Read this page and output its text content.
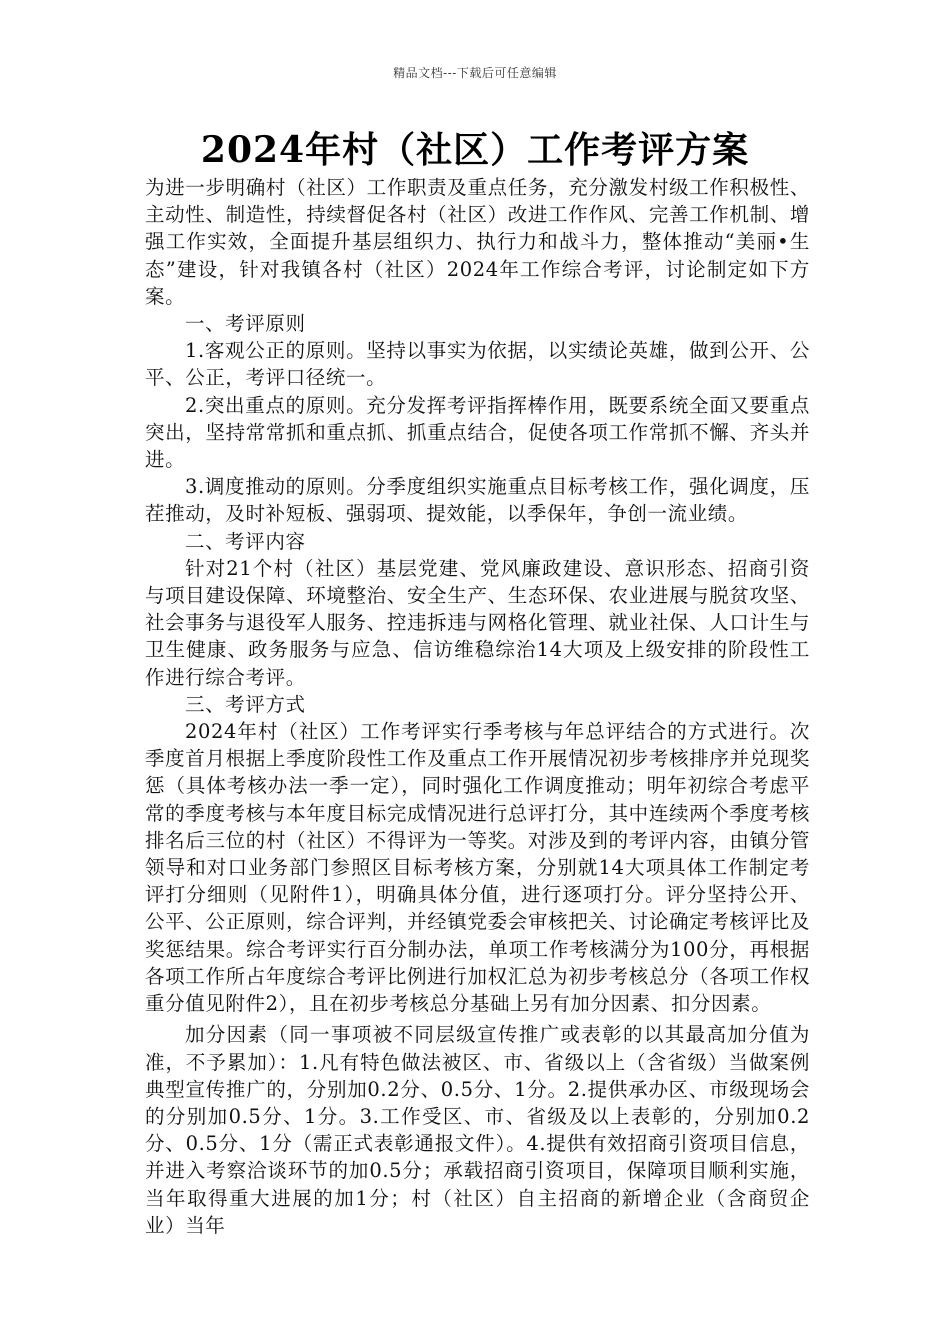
精品文档---下载后可任意编辑
2024年村（社区）工作考评方案

为进一步明确村（社区）工作职责及重点任务，充分激发村级工作积极性、主动性、制造性，持续督促各村（社区）改进工作作风、完善工作机制、增强工作实效，全面提升基层组织力、执行力和战斗力，整体推动“美丽•生态”建设，针对我镇各村（社区）2024年工作综合考评，讨论制定如下方案。

一、考评原则

1.客观公正的原则。坚持以事实为依据，以实绩论英雄，做到公开、公平、公正，考评口径统一。

2.突出重点的原则。充分发挥考评指挥棒作用，既要系统全面又要重点突出，坚持常常抓和重点抓、抓重点结合，促使各项工作常抓不懈、齐头并进。

3.调度推动的原则。分季度组织实施重点目标考核工作，强化调度，压茬推动，及时补短板、强弱项、提效能，以季保年，争创一流业绩。

二、考评内容

针对21个村（社区）基层党建、党风廉政建设、意识形态、招商引资与项目建设保障、环境整治、安全生产、生态环保、农业进展与脱贫攻坚、社会事务与退役军人服务、控违拆违与网格化管理、就业社保、人口计生与卫生健康、政务服务与应急、信访维稳综治14大项及上级安排的阶段性工作进行综合考评。

三、考评方式

2024年村（社区）工作考评实行季考核与年总评结合的方式进行。次季度首月根据上季度阶段性工作及重点工作开展情况初步考核排序并兑现奖惩（具体考核办法一季一定），同时强化工作调度推动；明年初综合考虑平常的季度考核与本年度目标完成情况进行总评打分，其中连续两个季度考核排名后三位的村（社区）不得评为一等奖。对涉及到的考评内容，由镇分管领导和对口业务部门参照区目标考核方案，分别就14大项具体工作制定考评打分细则（见附件1），明确具体分值，进行逐项打分。评分坚持公开、公平、公正原则，综合评判，并经镇党委会审核把关、讨论确定考核评比及奖惩结果。综合考评实行百分制办法，单项工作考核满分为100分，再根据各项工作所占年度综合考评比例进行加权汇总为初步考核总分（各项工作权重分值见附件2），且在初步考核总分基础上另有加分因素、扣分因素。

加分因素（同一事项被不同层级宣传推广或表彰的以其最高加分值为准，不予累加）：1.凡有特色做法被区、市、省级以上（含省级）当做案例典型宣传推广的，分别加0.2分、0.5分、1分。2.提供承办区、市级现场会的分别加0.5分、1分。3.工作受区、市、省级及以上表彰的，分别加0.2分、0.5分、1分（需正式表彰通报文件）。4.提供有效招商引资项目信息，并进入考察洽谈环节的加0.5分；承载招商引资项目，保障项目顺利实施，当年取得重大进展的加1分；村（社区）自主招商的新增企业（含商贸企业）当年
